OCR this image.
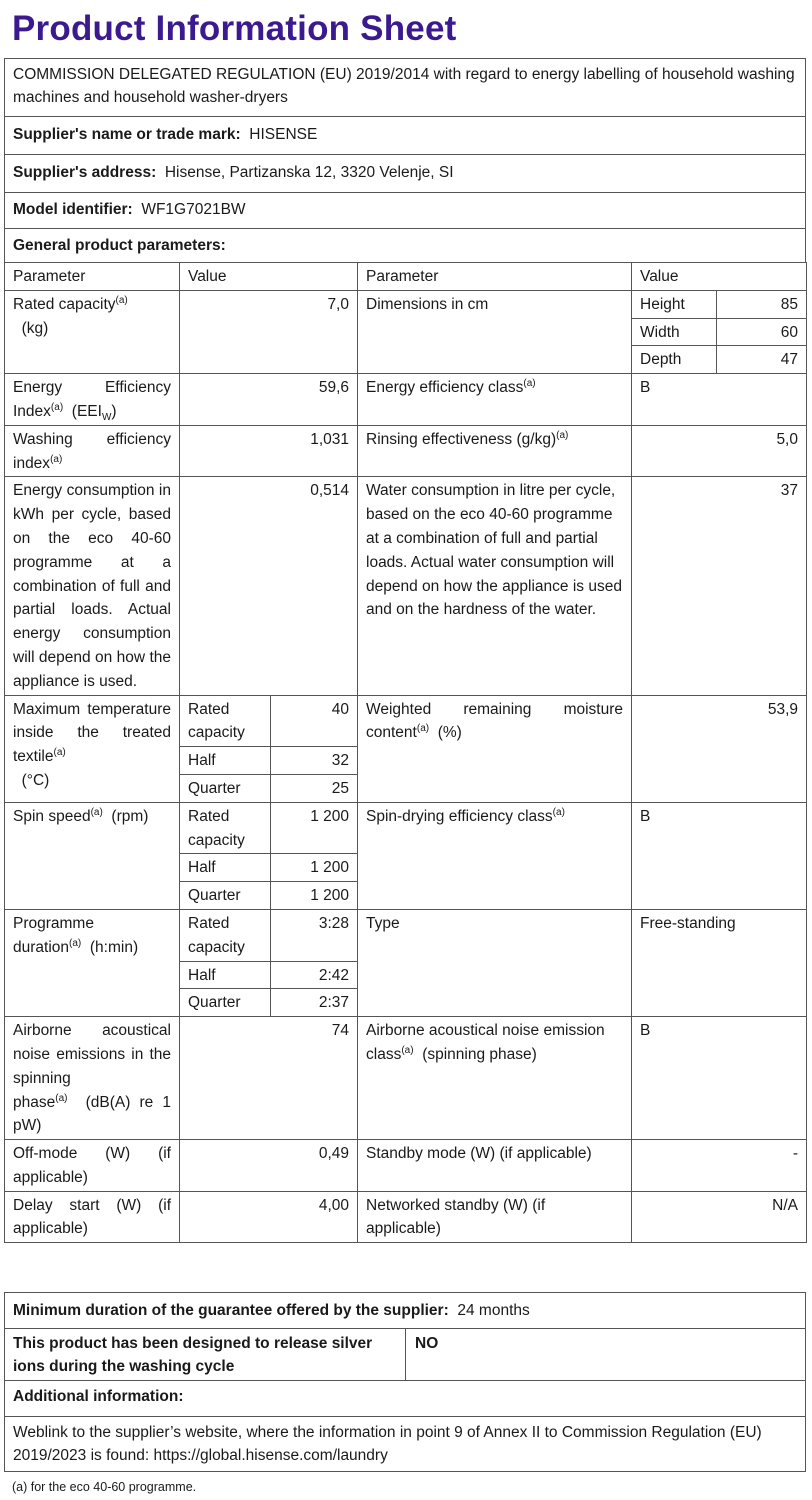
Product Information Sheet
COMMISSION DELEGATED REGULATION (EU) 2019/2014 with regard to energy labelling of household washing machines and household washer-dryers
Supplier's name or trade mark: HISENSE
Supplier's address: Hisense, Partizanska 12, 3320 Velenje, SI
Model identifier: WF1G7021BW
General product parameters:
Parameter	Value		Parameter	Value	
Rated capacity$^{(a)}$
(kg)	7,0		Dimensions in cm	Height	85
				Width	60
				Depth	47
Energy Efficiency Index$^{(a)}$ $(EEI_W)$	59,6		Energy efficiency class$^{(a)}$	B	
Washing efficiency index$^{(a)}$	1,031		Rinsing effectiveness $(g/kg)^{(a)}$	5,0	
Energy consumption in kWh per cycle, based on the eco 40-60 programme at a combination of full and partial loads. Actual energy consumption will depend on how the appliance is used.	0,514		Water consumption in litre per cycle, based on the eco 40-60 programme at a combination of full and partial loads. Actual water consumption will depend on how the appliance is used and on the hardness of the water.	37	
Maximum temperature inside the treated textile$^{(a)}$
(°C)	Rated capacity	40	Weighted remaining moisture content$^{(a)}$ (%)	53,9	
	Half	32			
	Quarter	25			
Spin speed$^{(a)}$ (rpm)	Rated capacity	1 200	Spin-drying efficiency class$^{(a)}$	B	
	Half	1 200			
	Quarter	1 200			
Programme duration$^{(a)}$ (h:min)	Rated capacity	3:28	Type	Free-standing	
	Half	2:42			
	Quarter	2:37			
Airborne acoustical noise emissions in the spinning phase$^{(a)}$ (dB(A) re 1 pW)	74		Airborne acoustical noise emission class$^{(a)}$ (spinning phase)	B	
Off-mode (W) (if applicable)	0,49		Standby mode (W) (if applicable)	-	
Delay start (W) (if applicable)	4,00		Networked standby (W) (if applicable)	N/A	
Minimum duration of the guarantee offered by the supplier: 24 months
This product has been designed to release silver ions during the washing cycle
NO
Additional information:
Weblink to the supplier’s website, where the information in point 9 of Annex II to Commission Regulation (EU) 2019/2023 is found: https://global.hisense.com/laundry
(a) for the eco 40-60 programme.
